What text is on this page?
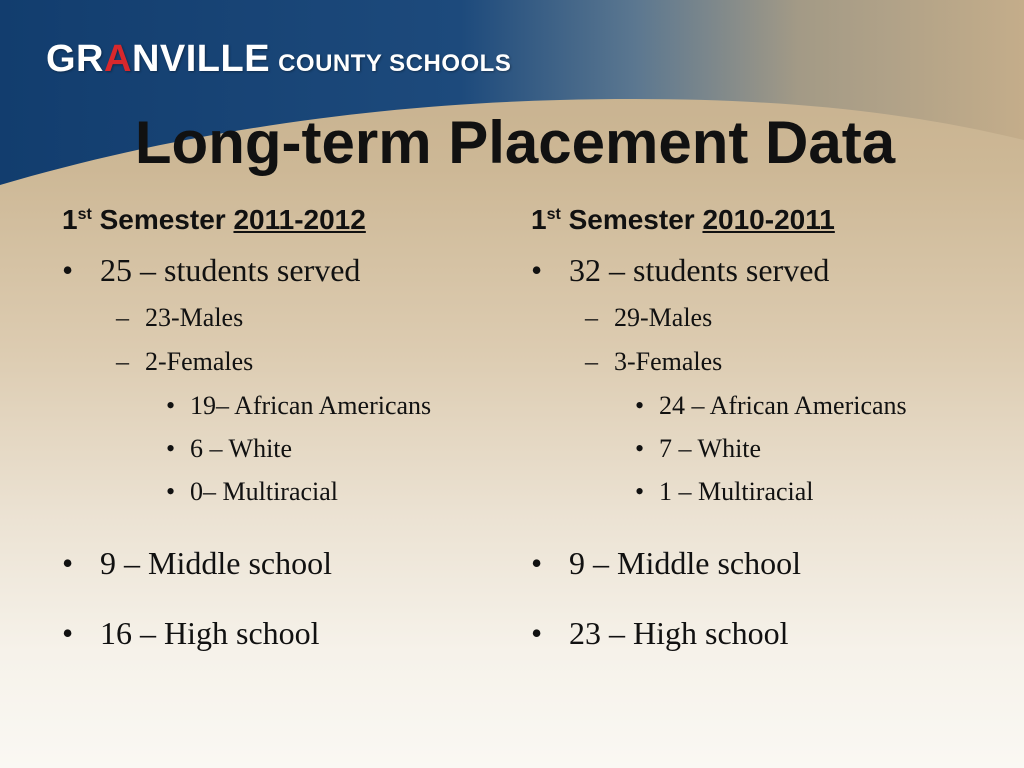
GRANVILLE COUNTY SCHOOLS
Long-term Placement Data
1st Semester 2011-2012
• 25 – students served
– 23-Males
– 2-Females
• 19– African Americans
• 6 – White
• 0– Multiracial
• 9 – Middle school
• 16 – High school
1st Semester 2010-2011
• 32 – students served
– 29-Males
– 3-Females
• 24 – African Americans
• 7 – White
• 1 – Multiracial
• 9 – Middle school
• 23 – High school
